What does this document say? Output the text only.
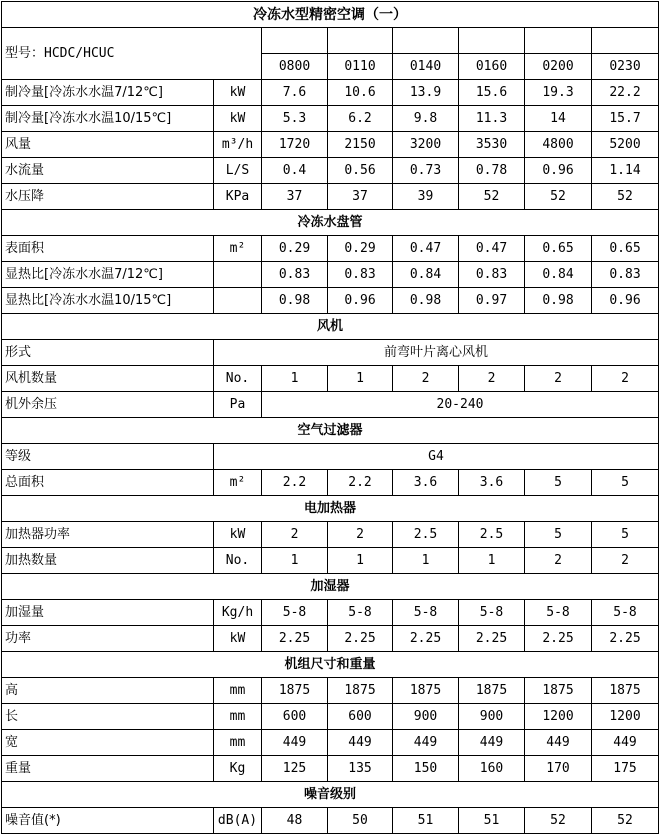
冷冻水型精密空调（一）							
型号：HCDC/HCUC							
		0800	0110	0140	0160	0200	0230
制冷量[冷冻水水温7/12℃]	kW	7.6	10.6	13.9	15.6	19.3	22.2
制冷量[冷冻水水温10/15℃]	kW	5.3	6.2	9.8	11.3	14	15.7
风量	m³/h	1720	2150	3200	3530	4800	5200
水流量	L/S	0.4	0.56	0.73	0.78	0.96	1.14
水压降	KPa	37	37	39	52	52	52
冷冻水盘管							
表面积	m²	0.29	0.29	0.47	0.47	0.65	0.65
显热比[冷冻水水温7/12℃]		0.83	0.83	0.84	0.83	0.84	0.83
显热比[冷冻水水温10/15℃]		0.98	0.96	0.98	0.97	0.98	0.96
风机							
形式	前弯叶片离心风机						
风机数量	No.	1	1	2	2	2	2
机外余压	Pa	20-240					
空气过滤器							
等级	G4						
总面积	m²	2.2	2.2	3.6	3.6	5	5
电加热器							
加热器功率	kW	2	2	2.5	2.5	5	5
加热数量	No.	1	1	1	1	2	2
加湿器							
加湿量	Kg/h	5-8	5-8	5-8	5-8	5-8	5-8
功率	kW	2.25	2.25	2.25	2.25	2.25	2.25
机组尺寸和重量							
高	mm	1875	1875	1875	1875	1875	1875
长	mm	600	600	900	900	1200	1200
宽	mm	449	449	449	449	449	449
重量	Kg	125	135	150	160	170	175
噪音级别							
噪音值(*)	dB(A)	48	50	51	51	52	52
